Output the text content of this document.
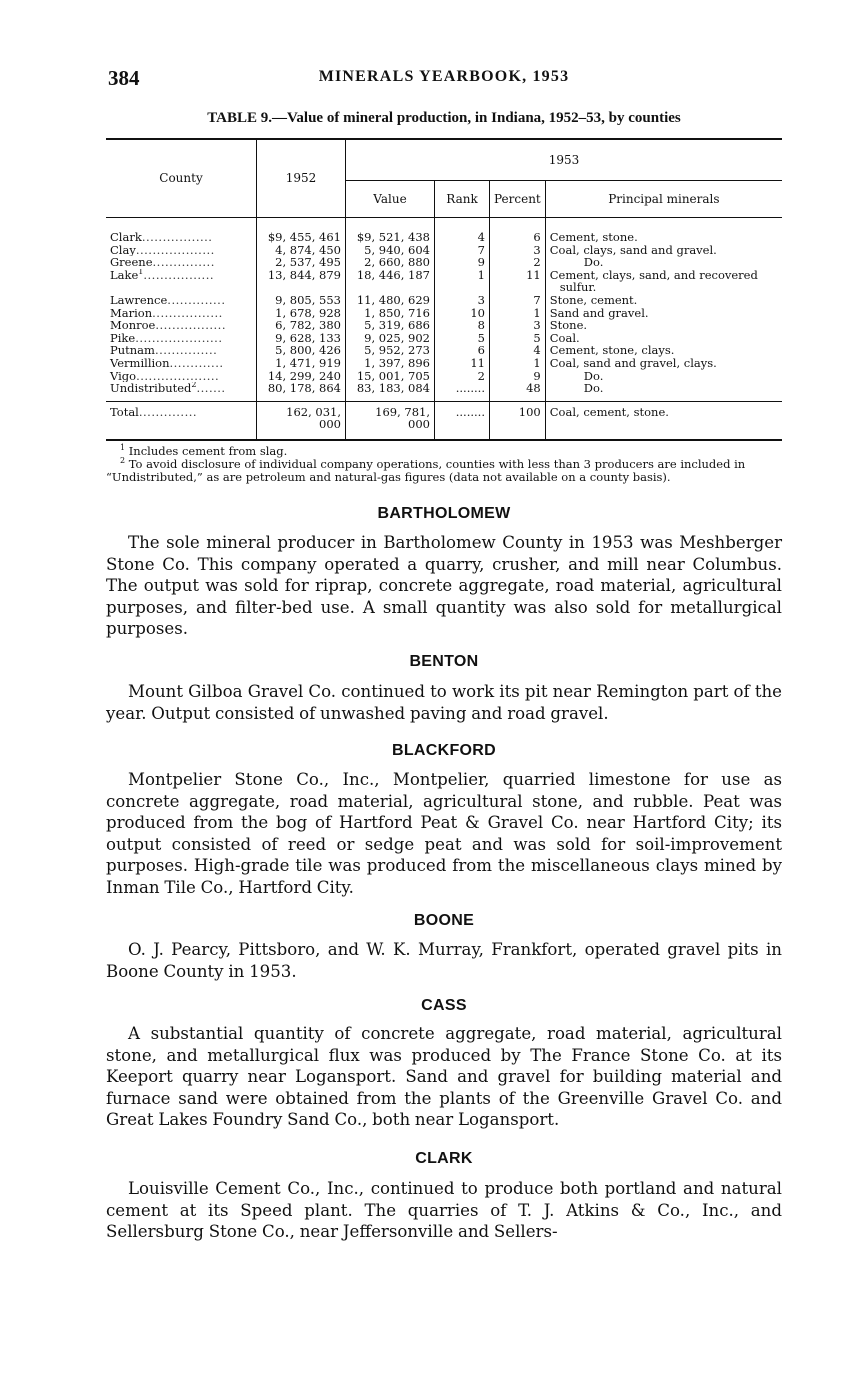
384	MINERALS YEARBOOK, 1953
TABLE 9.—Value of mineral production, in Indiana, 1952–53, by counties
County	1952	1953			
		Value	Rank	Percent	Principal minerals
Clark.................	$9, 455, 461	$9, 521, 438	4	6	Cement, stone.
Clay...................	4, 874, 450	5, 940, 604	7	3	Coal, clays, sand and gravel.
Greene...............	2, 537, 495	2, 660, 880	9	2	Do.
Lake$^1$.................	13, 844, 879	18, 446, 187	1	11	Cement, clays, sand, and recovered
sulfur.
Lawrence..............	9, 805, 553	11, 480, 629	3	7	Stone, cement.
Marion.................	1, 678, 928	1, 850, 716	10	1	Sand and gravel.
Monroe.................	6, 782, 380	5, 319, 686	8	3	Stone.
Pike.....................	9, 628, 133	9, 025, 902	5	5	Coal.
Putnam...............	5, 800, 426	5, 952, 273	6	4	Cement, stone, clays.
Vermillion.............	1, 471, 919	1, 397, 896	11	1	Coal, sand and gravel, clays.
Vigo....................	14, 299, 240	15, 001, 705	2	9	Do.
Undistributed$^2$.......	80, 178, 864	83, 183, 084	........	48	Do.
Total..............	162, 031, 000	169, 781, 000	........	100	Coal, cement, stone.

$^1$ Includes cement from slag.

$^2$ To avoid disclosure of individual company operations, counties with less than 3 producers are included in “Undistributed,” as are petroleum and natural-gas figures (data not available on a county basis).

BARTHOLOMEW

The sole mineral producer in Bartholomew County in 1953 was Meshberger Stone Co. This company operated a quarry, crusher, and mill near Columbus. The output was sold for riprap, concrete aggregate, road material, agricultural purposes, and filter-bed use. A small quantity was also sold for metallurgical purposes.

BENTON

Mount Gilboa Gravel Co. continued to work its pit near Remington part of the year. Output consisted of unwashed paving and road gravel.

BLACKFORD

Montpelier Stone Co., Inc., Montpelier, quarried limestone for use as concrete aggregate, road material, agricultural stone, and rubble. Peat was produced from the bog of Hartford Peat & Gravel Co. near Hartford City; its output consisted of reed or sedge peat and was sold for soil-improvement purposes. High-grade tile was produced from the miscellaneous clays mined by Inman Tile Co., Hartford City.

BOONE

O. J. Pearcy, Pittsboro, and W. K. Murray, Frankfort, operated gravel pits in Boone County in 1953.

CASS

A substantial quantity of concrete aggregate, road material, agricultural stone, and metallurgical flux was produced by The France Stone Co. at its Keeport quarry near Logansport. Sand and gravel for building material and furnace sand were obtained from the plants of the Greenville Gravel Co. and Great Lakes Foundry Sand Co., both near Logansport.

CLARK

Louisville Cement Co., Inc., continued to produce both portland and natural cement at its Speed plant. The quarries of T. J. Atkins & Co., Inc., and Sellersburg Stone Co., near Jeffersonville and Sellers-
